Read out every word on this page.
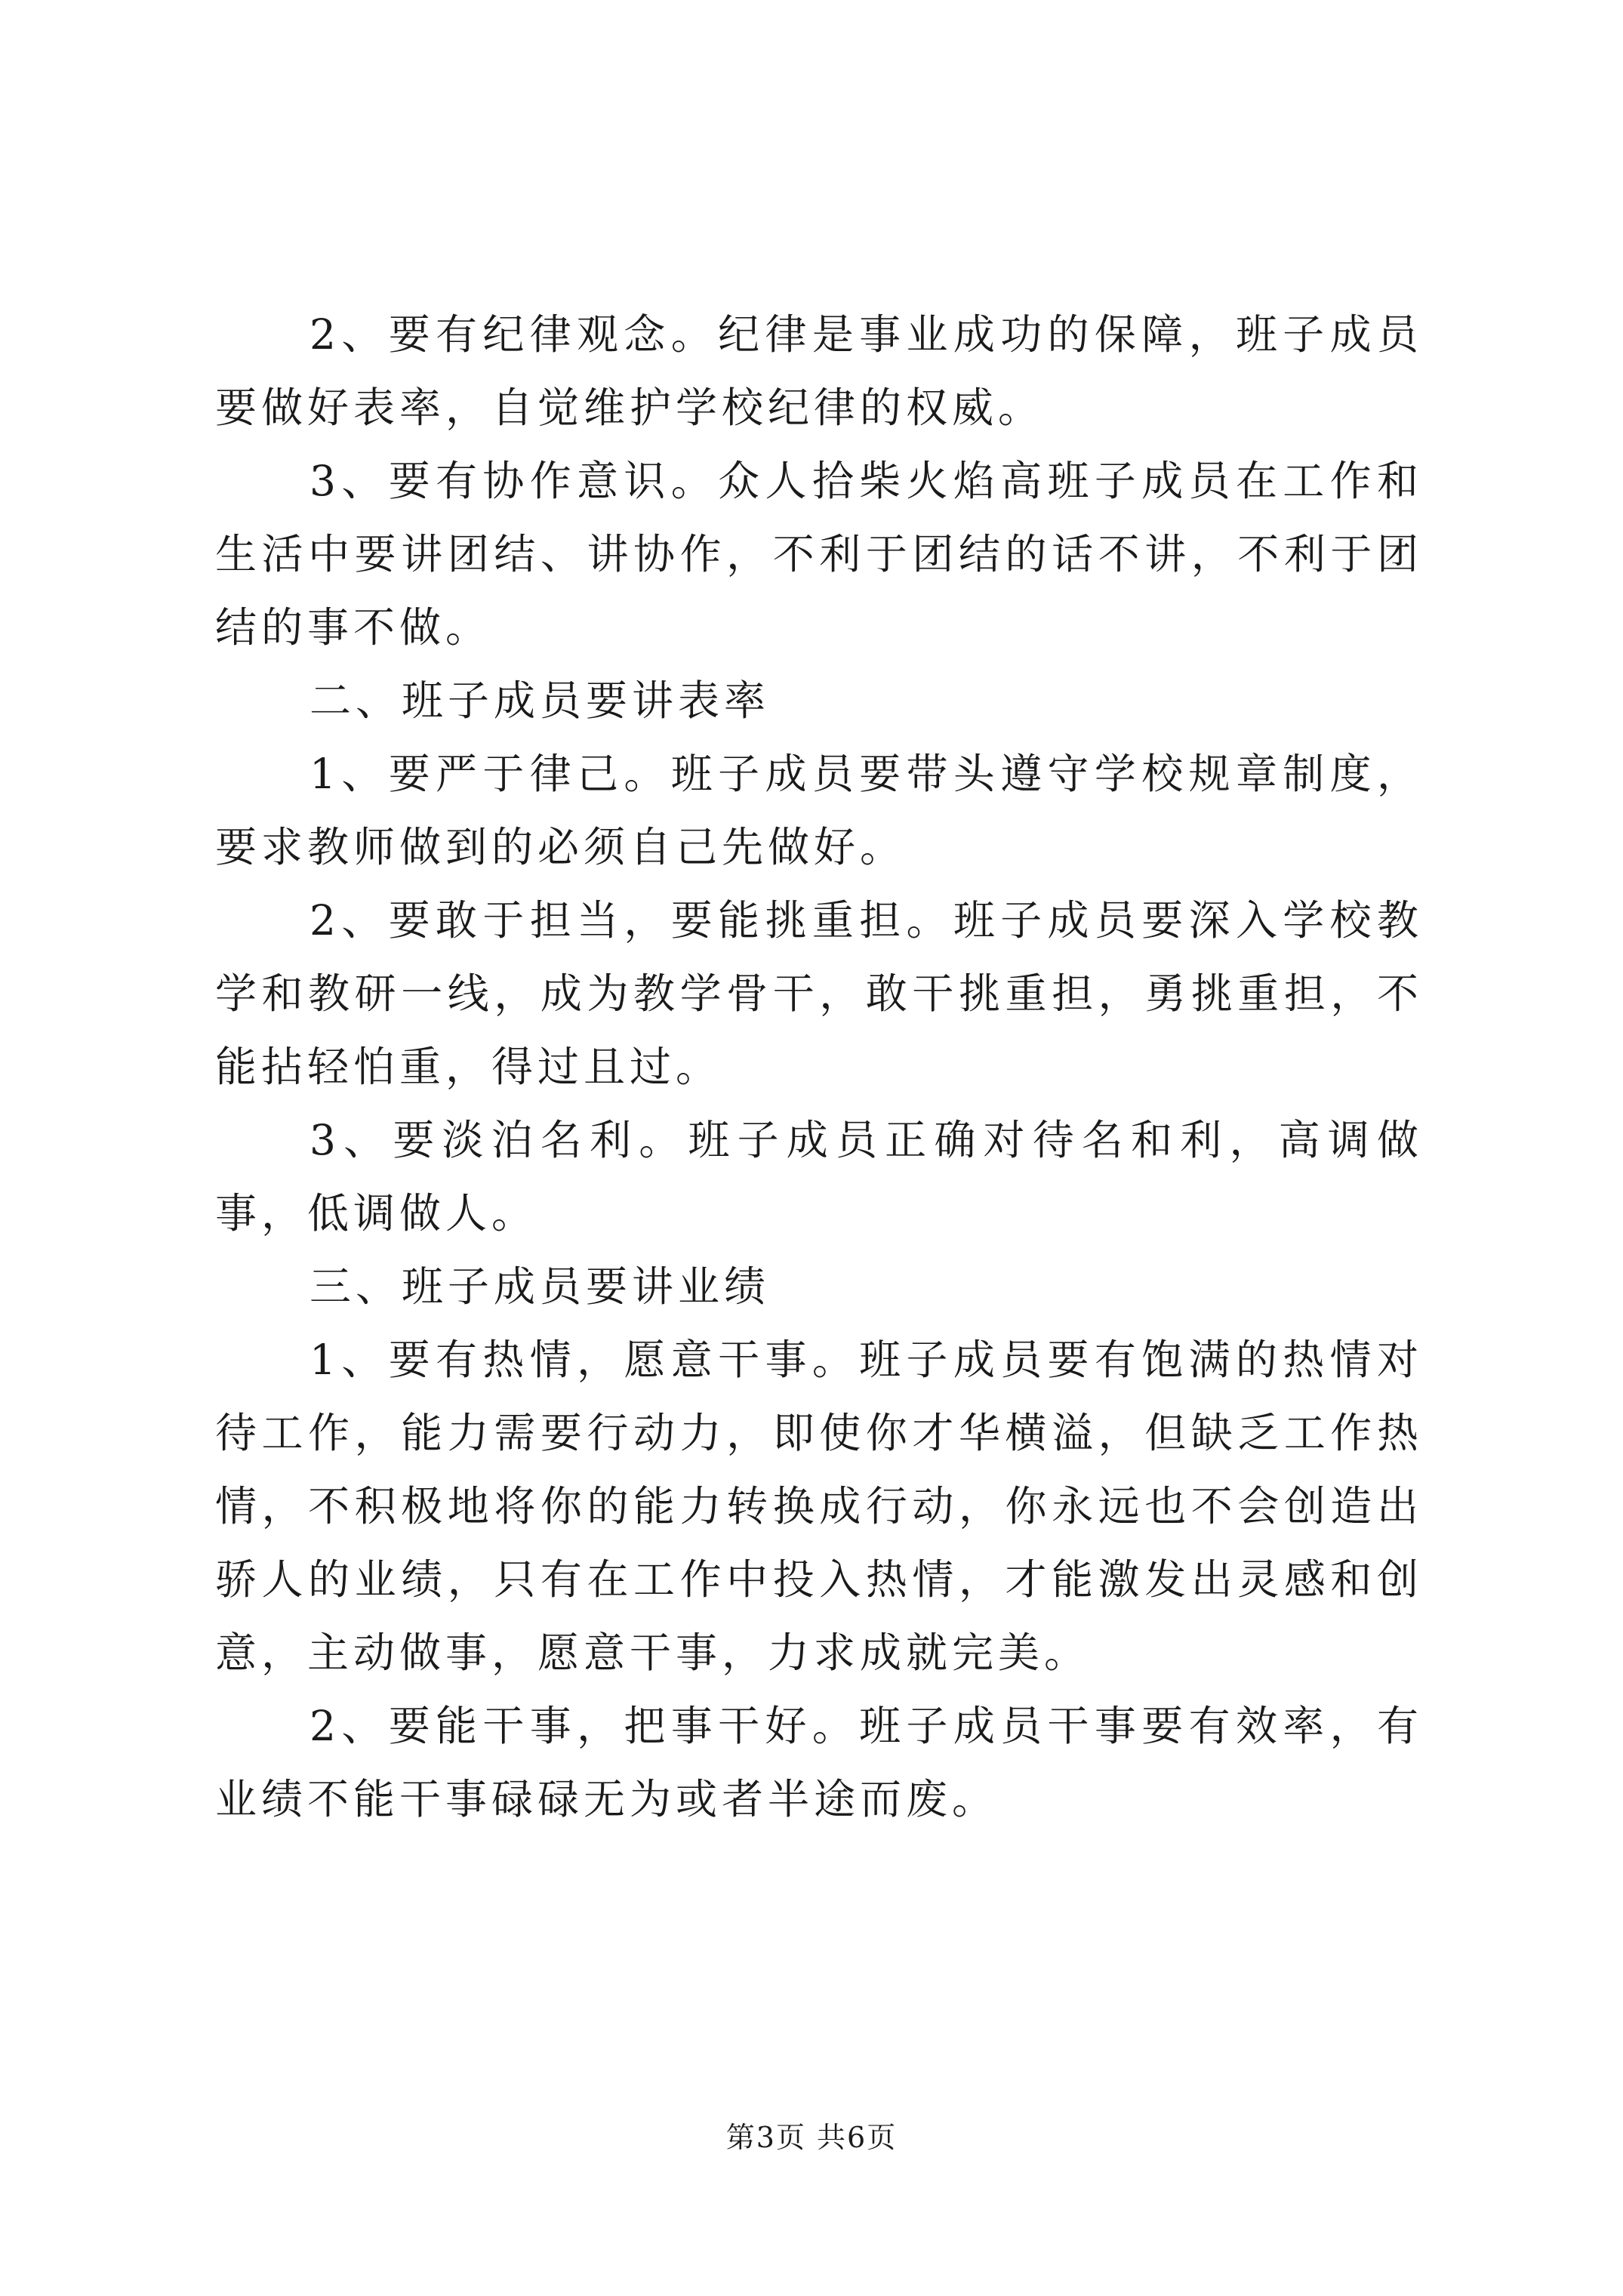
2、要有纪律观念。纪律是事业成功的保障，班子成员要做好表率，自觉维护学校纪律的权威。

3、要有协作意识。众人拾柴火焰高班子成员在工作和生活中要讲团结、讲协作，不利于团结的话不讲，不利于团结的事不做。

二、班子成员要讲表率

1、要严于律己。班子成员要带头遵守学校规章制度，要求教师做到的必须自己先做好。

2、要敢于担当，要能挑重担。班子成员要深入学校教学和教研一线，成为教学骨干，敢干挑重担，勇挑重担，不能拈轻怕重，得过且过。

3、要淡泊名利。班子成员正确对待名和利，高调做事，低调做人。

三、班子成员要讲业绩

1、要有热情，愿意干事。班子成员要有饱满的热情对待工作，能力需要行动力，即使你才华横溢，但缺乏工作热情，不积极地将你的能力转换成行动，你永远也不会创造出骄人的业绩，只有在工作中投入热情，才能激发出灵感和创意，主动做事，愿意干事，力求成就完美。

2、要能干事，把事干好。班子成员干事要有效率，有业绩不能干事碌碌无为或者半途而废。

第3页 共6页
